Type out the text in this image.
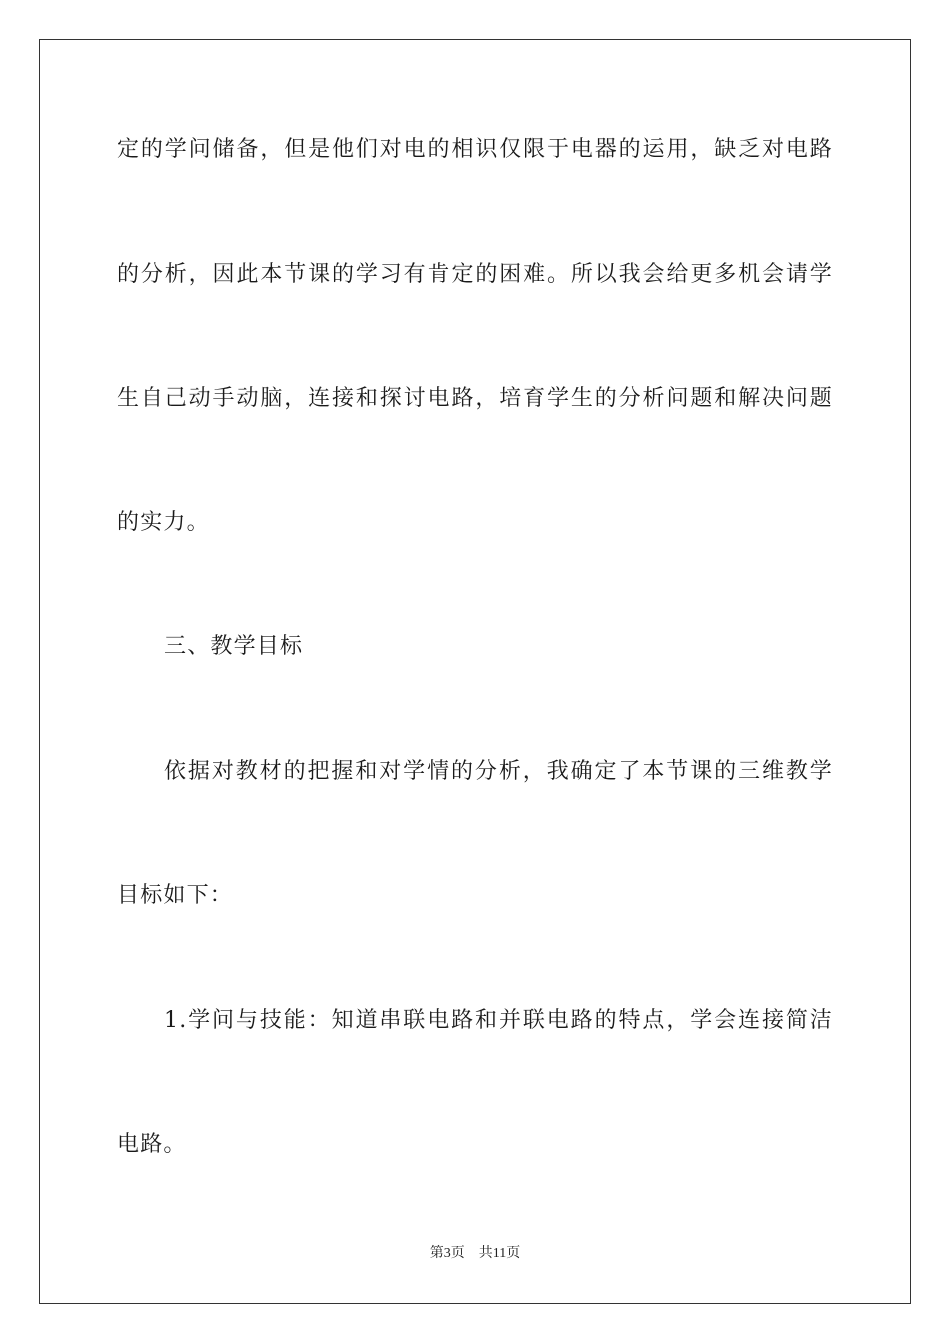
定的学问储备，但是他们对电的相识仅限于电器的运用，缺乏对电路
的分析，因此本节课的学习有肯定的困难。所以我会给更多机会请学
生自己动手动脑，连接和探讨电路，培育学生的分析问题和解决问题
的实力。
三、教学目标
依据对教材的把握和对学情的分析，我确定了本节课的三维教学
目标如下：
1.学问与技能：知道串联电路和并联电路的特点，学会连接简洁
电路。
第3页 共11页
